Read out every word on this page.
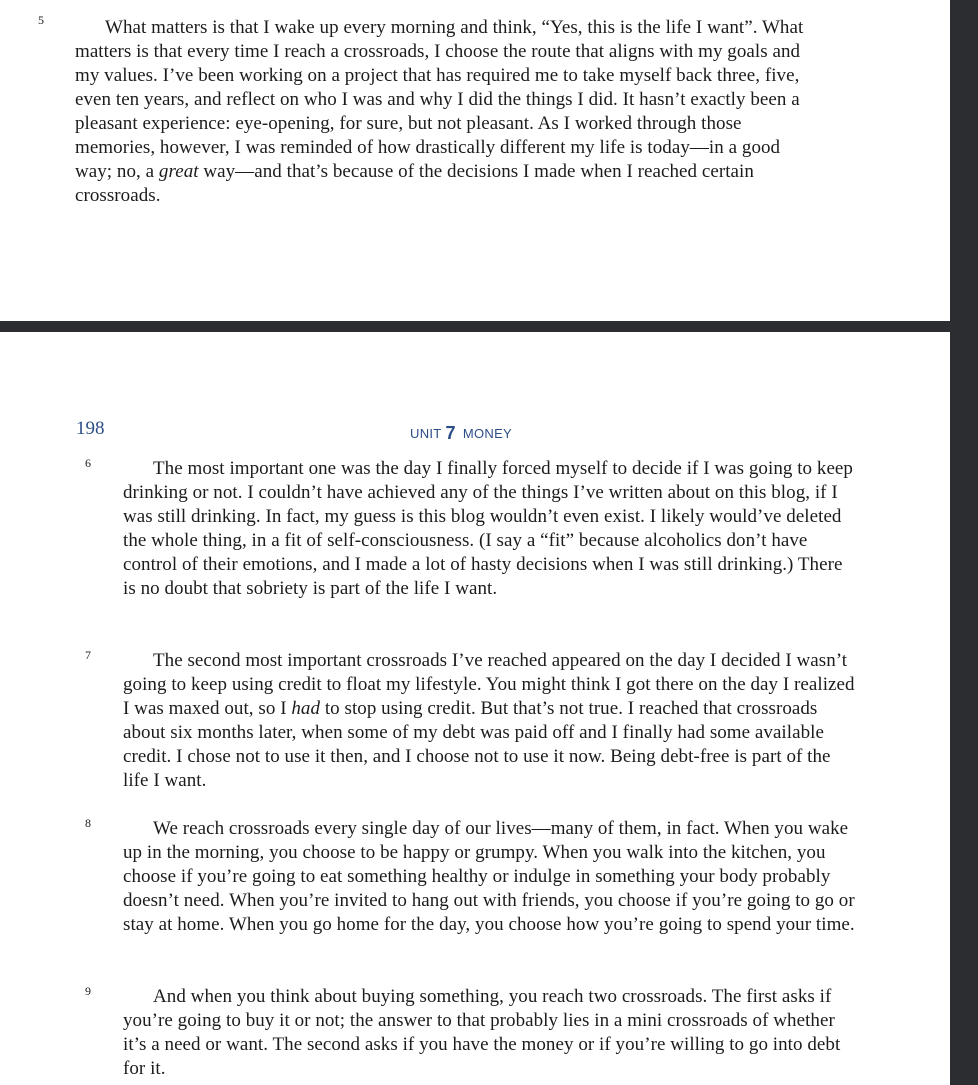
5	What matters is that I wake up every morning and think, “Yes, this is the life I want”. What matters is that every time I reach a crossroads, I choose the route that aligns with my goals and my values. I’ve been working on a project that has required me to take myself back three, five, even ten years, and reflect on who I was and why I did the things I did. It hasn’t exactly been a pleasant experience: eye-opening, for sure, but not pleasant. As I worked through those memories, however, I was reminded of how drastically different my life is today—in a good way; no, a great way—and that’s because of the decisions I made when I reached certain crossroads.

198	UNIT 7 MONEY
6	The most important one was the day I finally forced myself to decide if I was going to keep drinking or not. I couldn’t have achieved any of the things I’ve written about on this blog, if I was still drinking. In fact, my guess is this blog wouldn’t even exist. I likely would’ve deleted the whole thing, in a fit of self-consciousness. (I say a “fit” because alcoholics don’t have control of their emotions, and I made a lot of hasty decisions when I was still drinking.) There is no doubt that sobriety is part of the life I want.

7	The second most important crossroads I’ve reached appeared on the day I decided I wasn’t going to keep using credit to float my lifestyle. You might think I got there on the day I realized I was maxed out, so I had to stop using credit. But that’s not true. I reached that crossroads about six months later, when some of my debt was paid off and I finally had some available credit. I chose not to use it then, and I choose not to use it now. Being debt-free is part of the life I want.

8	We reach crossroads every single day of our lives—many of them, in fact. When you wake up in the morning, you choose to be happy or grumpy. When you walk into the kitchen, you choose if you’re going to eat something healthy or indulge in something your body probably doesn’t need. When you’re invited to hang out with friends, you choose if you’re going to go or stay at home. When you go home for the day, you choose how you’re going to spend your time.

9	And when you think about buying something, you reach two crossroads. The first asks if you’re going to buy it or not; the answer to that probably lies in a mini crossroads of whether it’s a need or want. The second asks if you have the money or if you’re willing to go into debt for it.
